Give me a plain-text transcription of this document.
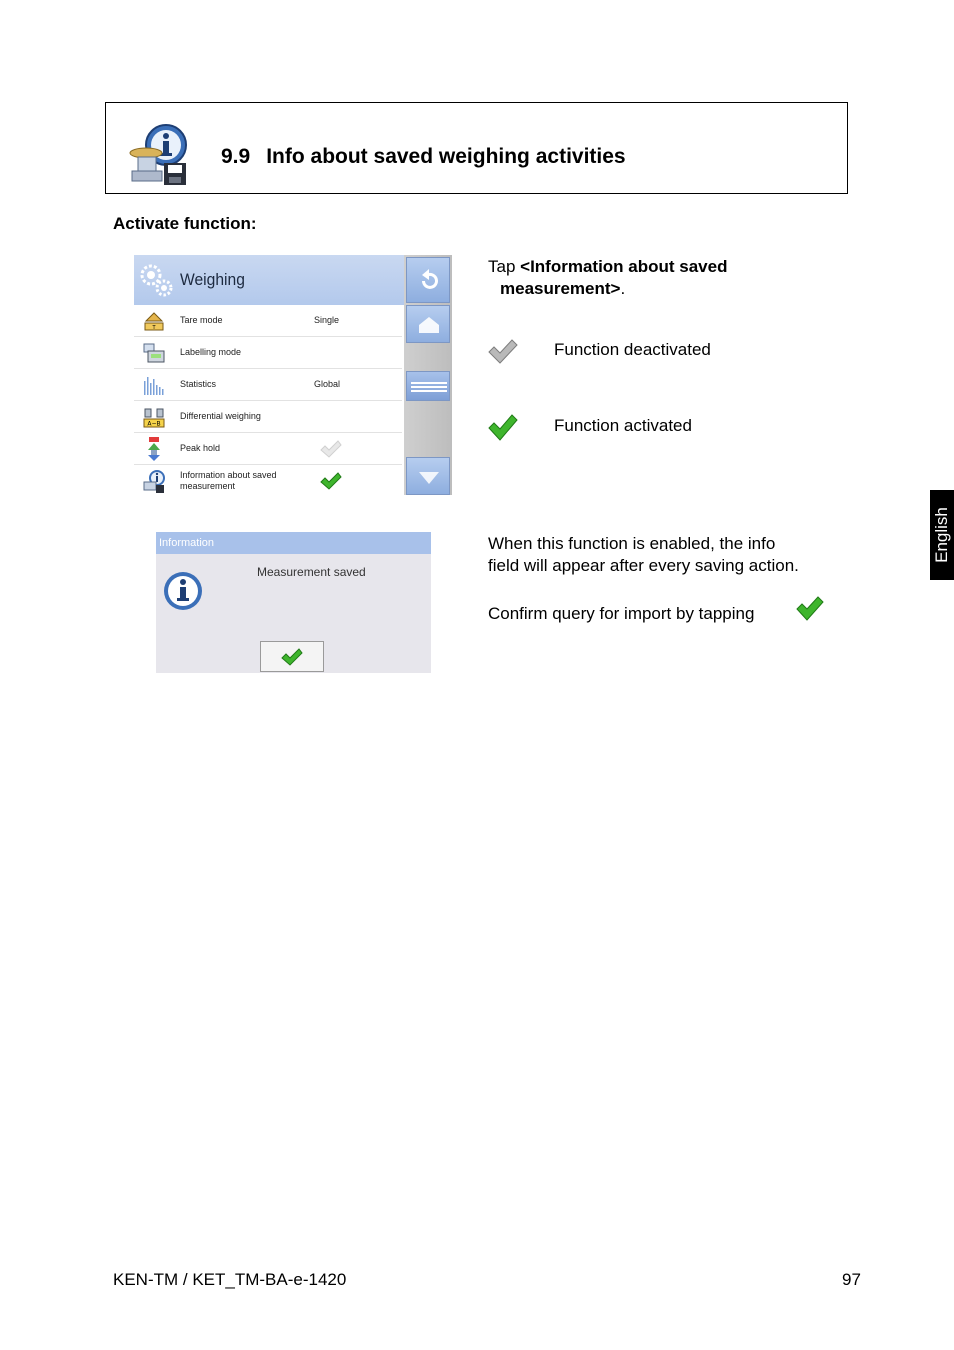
9.9 Info about saved weighing activities
Activate function:
Weighing
T
Tare mode	Single
Labelling mode
Statistics	Global
A−B
Differential weighing
Peak hold
Information about saved measurement
Information
Measurement saved
Tap <Information about saved
measurement>.
Function deactivated
Function activated
When this function is enabled, the info
field will appear after every saving action.
Confirm query for import by tapping
English
KEN-TM / KET_TM-BA-e-1420	97
